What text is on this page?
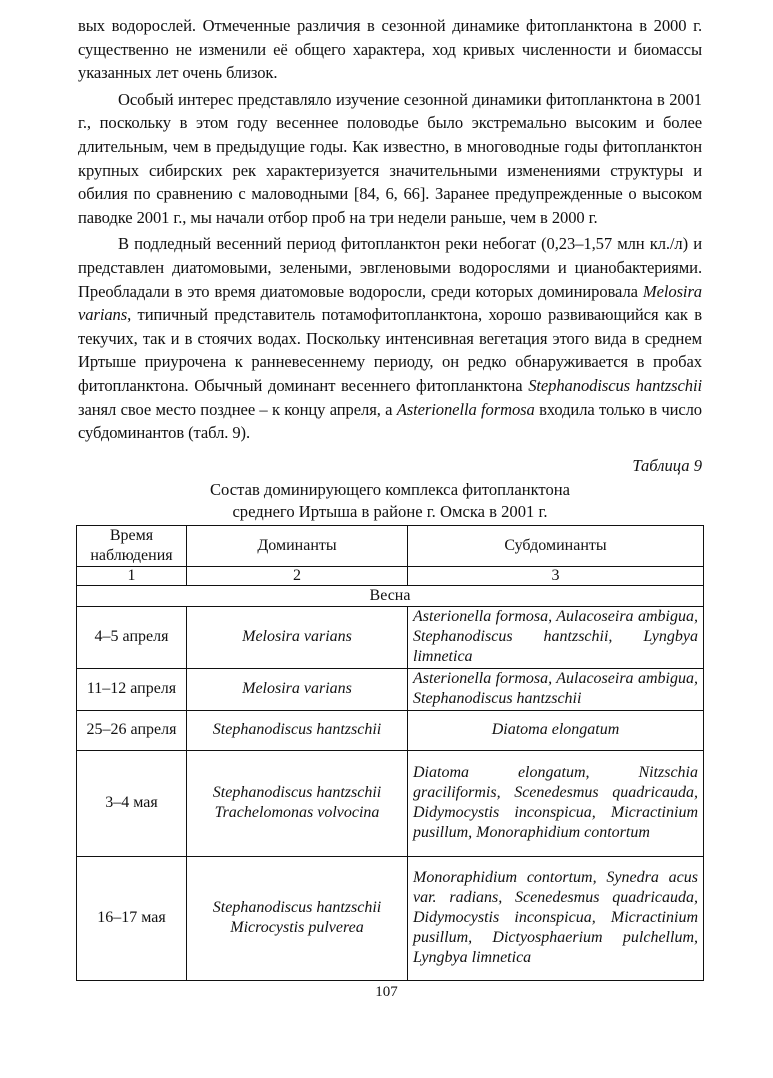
вых водорослей. Отмеченные различия в сезонной динамике фитопланктона в 2000 г. существенно не изменили её общего характера, ход кривых численности и биомассы указанных лет очень близок.

Особый интерес представляло изучение сезонной динамики фитопланктона в 2001 г., поскольку в этом году весеннее половодье было экстремально высоким и более длительным, чем в предыдущие годы. Как известно, в многоводные годы фитопланктон крупных сибирских рек характеризуется значительными изменениями структуры и обилия по сравнению с маловодными [84, 6, 66]. Заранее предупрежденные о высоком паводке 2001 г., мы начали отбор проб на три недели раньше, чем в 2000 г.

В подледный весенний период фитопланктон реки небогат (0,23–1,57 млн кл./л) и представлен диатомовыми, зелеными, эвгленовыми водорослями и цианобактериями. Преобладали в это время диатомовые водоросли, среди которых доминировала Melosira varians, типичный представитель потамофитопланктона, хорошо развивающийся как в текучих, так и в стоячих водах. Поскольку интенсивная вегетация этого вида в среднем Иртыше приурочена к ранневесеннему периоду, он редко обнаруживается в пробах фитопланктона. Обычный доминант весеннего фитопланктона Stephanodiscus hantzschii занял свое место позднее – к концу апреля, а Asterionella formosa входила только в число субдоминантов (табл. 9).

Таблица 9
Состав доминирующего комплекса фитопланктона
среднего Иртыша в районе г. Омска в 2001 г.
Время наблюдения	Доминанты	Субдоминанты
1	2	3
Весна		
4–5 апреля	Melosira varians	Asterionella formosa, Aulacoseira ambigua, Stephanodiscus hantzschii, Lyngbya limnetica
11–12 апреля	Melosira varians	Asterionella formosa, Aulacoseira ambigua, Stephanodiscus hantzschii
25–26 апреля	Stephanodiscus hantzschii	Diatoma elongatum
3–4 мая	Stephanodiscus hantzschii Trachelomonas volvocina	Diatoma elongatum, Nitzschia graciliformis, Scenedesmus quadricauda, Didymocystis inconspicua, Micractinium pusillum, Monoraphidium contortum
16–17 мая	Stephanodiscus hantzschii Microcystis pulverea	Monoraphidium contortum, Synedra acus var. radians, Scenedesmus quadricauda, Didymocystis inconspicua, Micractinium pusillum, Dictyosphaerium pulchellum, Lyngbya limnetica
107
